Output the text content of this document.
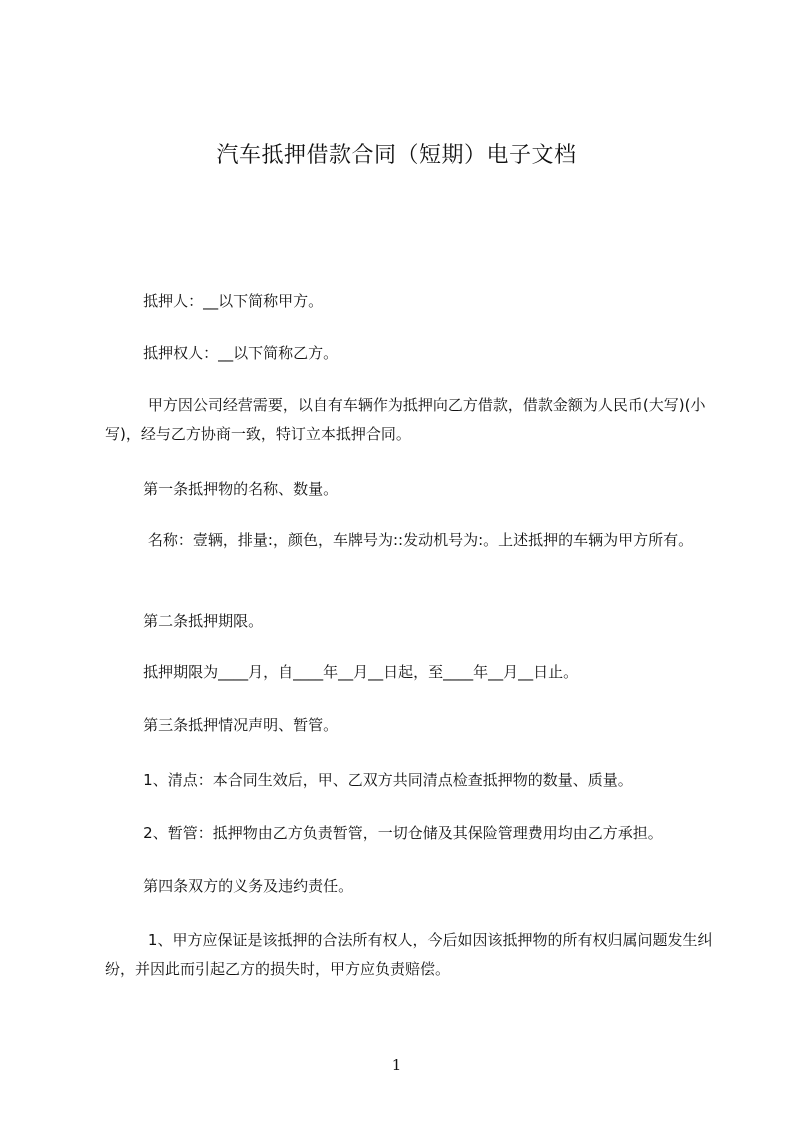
汽车抵押借款合同（短期）电子文档

抵押人：__以下简称甲方。

抵押权人：__以下简称乙方。

甲方因公司经营需要，以自有车辆作为抵押向乙方借款，借款金额为人民币(大写)(小写)，经与乙方协商一致，特订立本抵押合同。

第一条抵押物的名称、数量。

名称：壹辆，排量:，颜色，车牌号为::发动机号为:。上述抵押的车辆为甲方所有。

第二条抵押期限。

抵押期限为____月，自____年__月__日起，至____年__月__日止。

第三条抵押情况声明、暂管。

1、清点：本合同生效后，甲、乙双方共同清点检查抵押物的数量、质量。

2、暂管：抵押物由乙方负责暂管，一切仓储及其保险管理费用均由乙方承担。

第四条双方的义务及违约责任。

1、甲方应保证是该抵押的合法所有权人，今后如因该抵押物的所有权归属问题发生纠纷，并因此而引起乙方的损失时，甲方应负责赔偿。

1
